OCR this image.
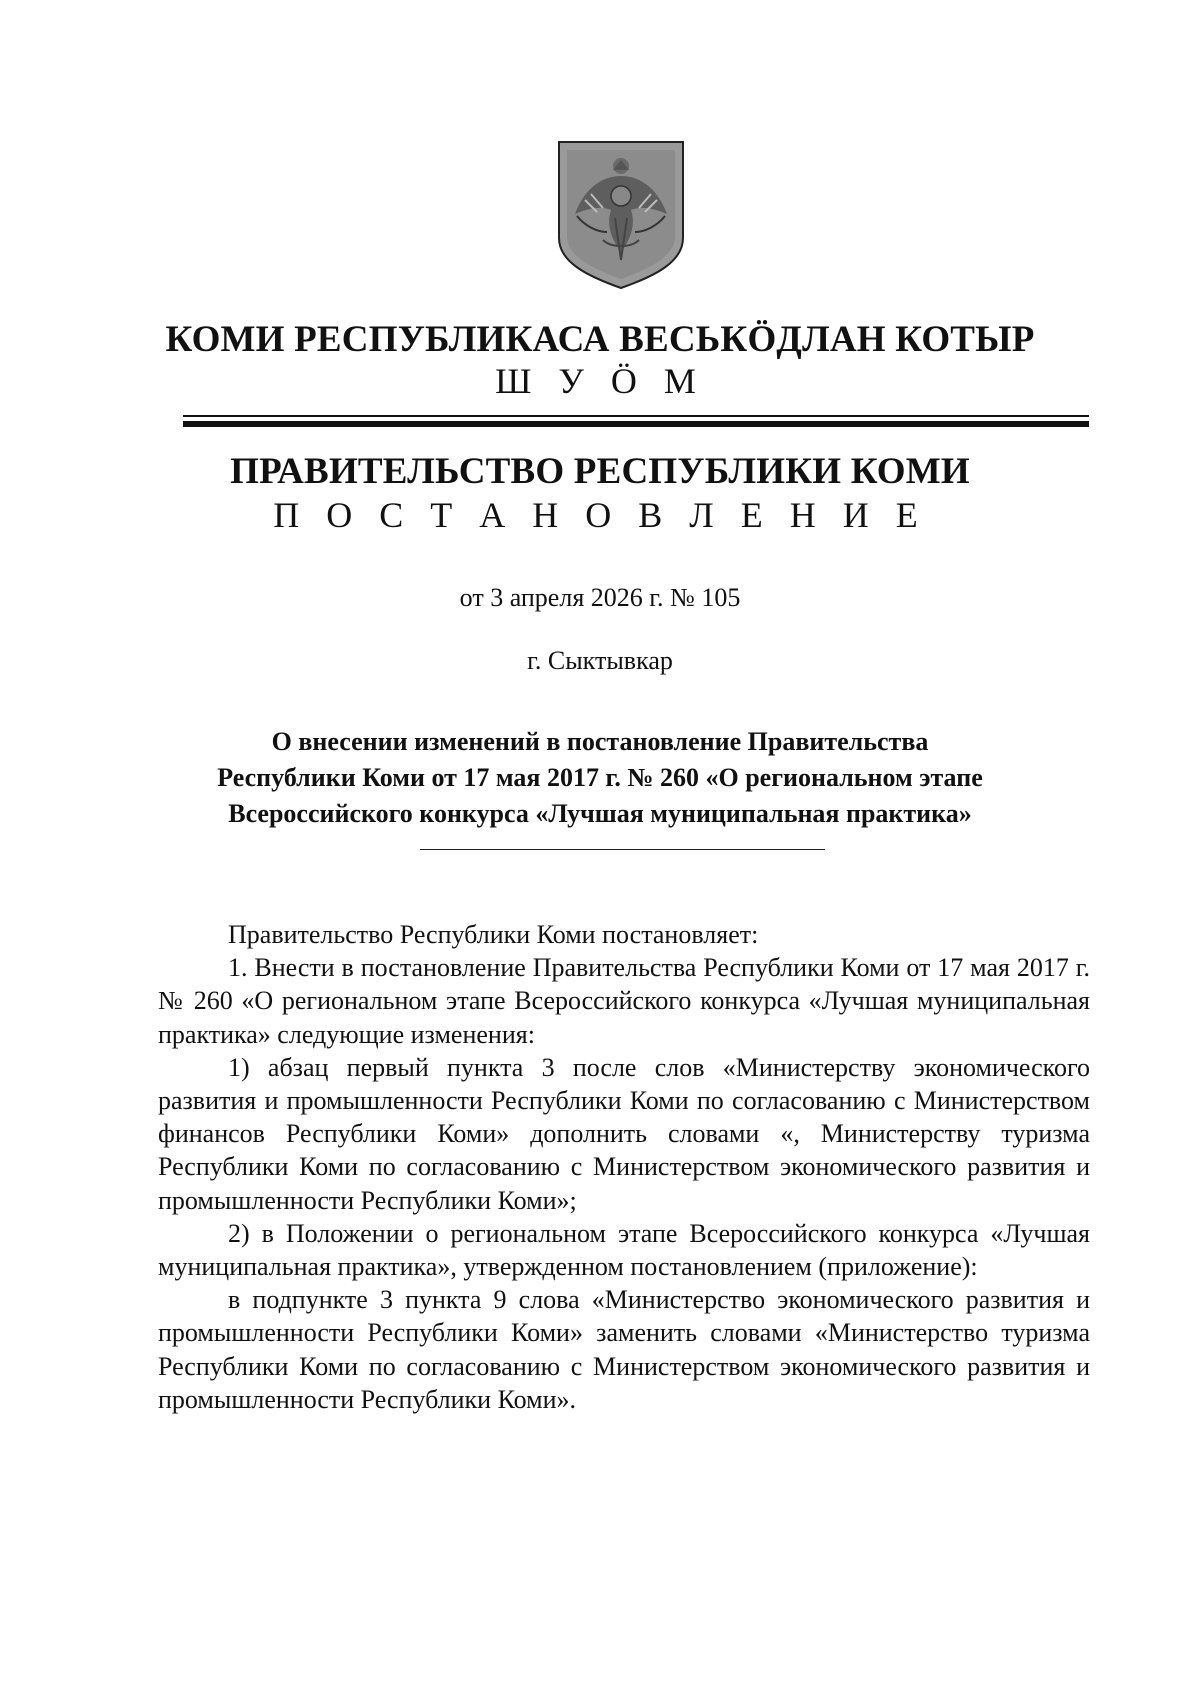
КОМИ РЕСПУБЛИКАСА ВЕСЬКӦДЛАН КОТЫР
Ш У Ӧ М
ПРАВИТЕЛЬСТВО РЕСПУБЛИКИ КОМИ
П О С Т А Н О В Л Е Н И Е
от 3 апреля 2026 г. № 105
г. Сыктывкар
О внесении изменений в постановление Правительства
Республики Коми от 17 мая 2017 г. № 260 «О региональном этапе
Всероссийского конкурса «Лучшая муниципальная практика»

Правительство Республики Коми постановляет:

1. Внести в постановление Правительства Республики Коми от 17 мая 2017 г. № 260 «О региональном этапе Всероссийского конкурса «Лучшая муниципальная практика» следующие изменения:

1) абзац первый пункта 3 после слов «Министерству экономического развития и промышленности Республики Коми по согласованию с Министерством финансов Республики Коми» дополнить словами «, Министерству туризма Республики Коми по согласованию с Министерством экономического развития и промышленности Республики Коми»;

2) в Положении о региональном этапе Всероссийского конкурса «Лучшая муниципальная практика», утвержденном постановлением (приложение):

в подпункте 3 пункта 9 слова «Министерство экономического развития и промышленности Республики Коми» заменить словами «Министерство туризма Республики Коми по согласованию с Министерством экономического развития и промышленности Республики Коми».
